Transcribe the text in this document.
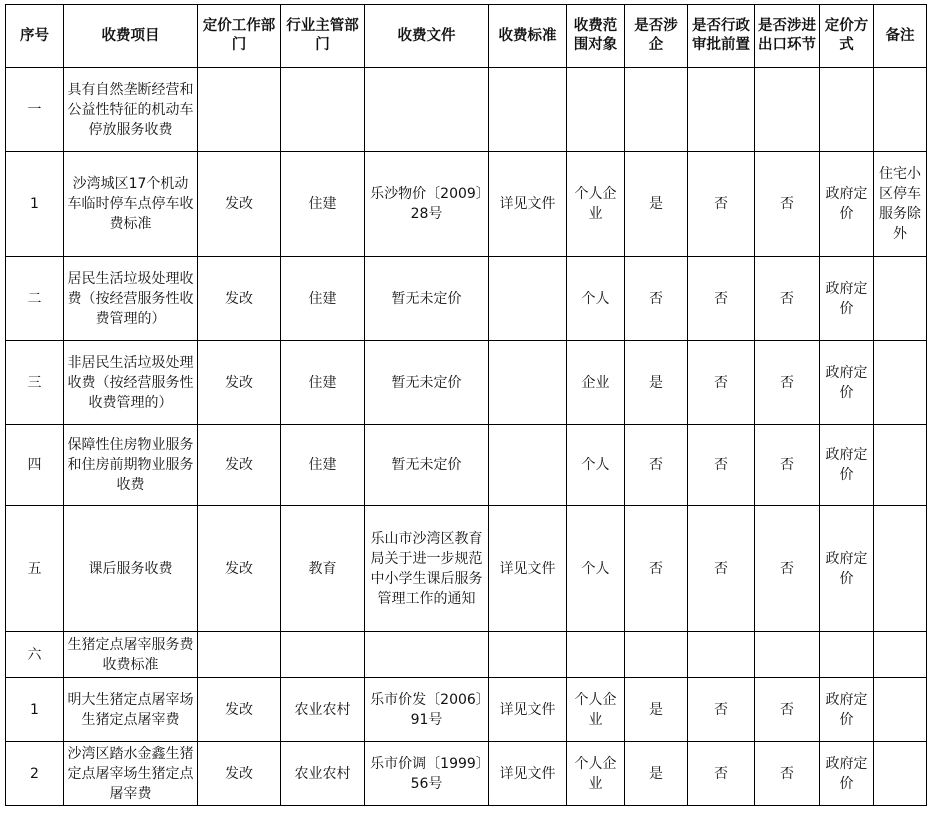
序号	收费项目	定价工作部门	行业主管部门	收费文件	收费标准	收费范围对象	是否涉企	是否行政审批前置	是否涉进出口环节	定价方式	备注
一	具有自然垄断经营和公益性特征的机动车停放服务收费										
1	沙湾城区17个机动车临时停车点停车收费标准	发改	住建	乐沙物价〔2009〕28号	详见文件	个人企业	是	否	否	政府定价	住宅小区停车服务除外
二	居民生活垃圾处理收费（按经营服务性收费管理的）	发改	住建	暂无未定价		个人	否	否	否	政府定价	
三	非居民生活垃圾处理收费（按经营服务性收费管理的）	发改	住建	暂无未定价		企业	是	否	否	政府定价	
四	保障性住房物业服务和住房前期物业服务收费	发改	住建	暂无未定价		个人	否	否	否	政府定价	
五	课后服务收费	发改	教育	乐山市沙湾区教育局关于进一步规范中小学生课后服务管理工作的通知	详见文件	个人	否	否	否	政府定价	
六	生猪定点屠宰服务费收费标准										
1	明大生猪定点屠宰场生猪定点屠宰费	发改	农业农村	乐市价发〔2006〕91号	详见文件	个人企业	是	否	否	政府定价	
2	沙湾区踏水金鑫生猪定点屠宰场生猪定点屠宰费	发改	农业农村	乐市价调〔1999〕56号	详见文件	个人企业	是	否	否	政府定价	
